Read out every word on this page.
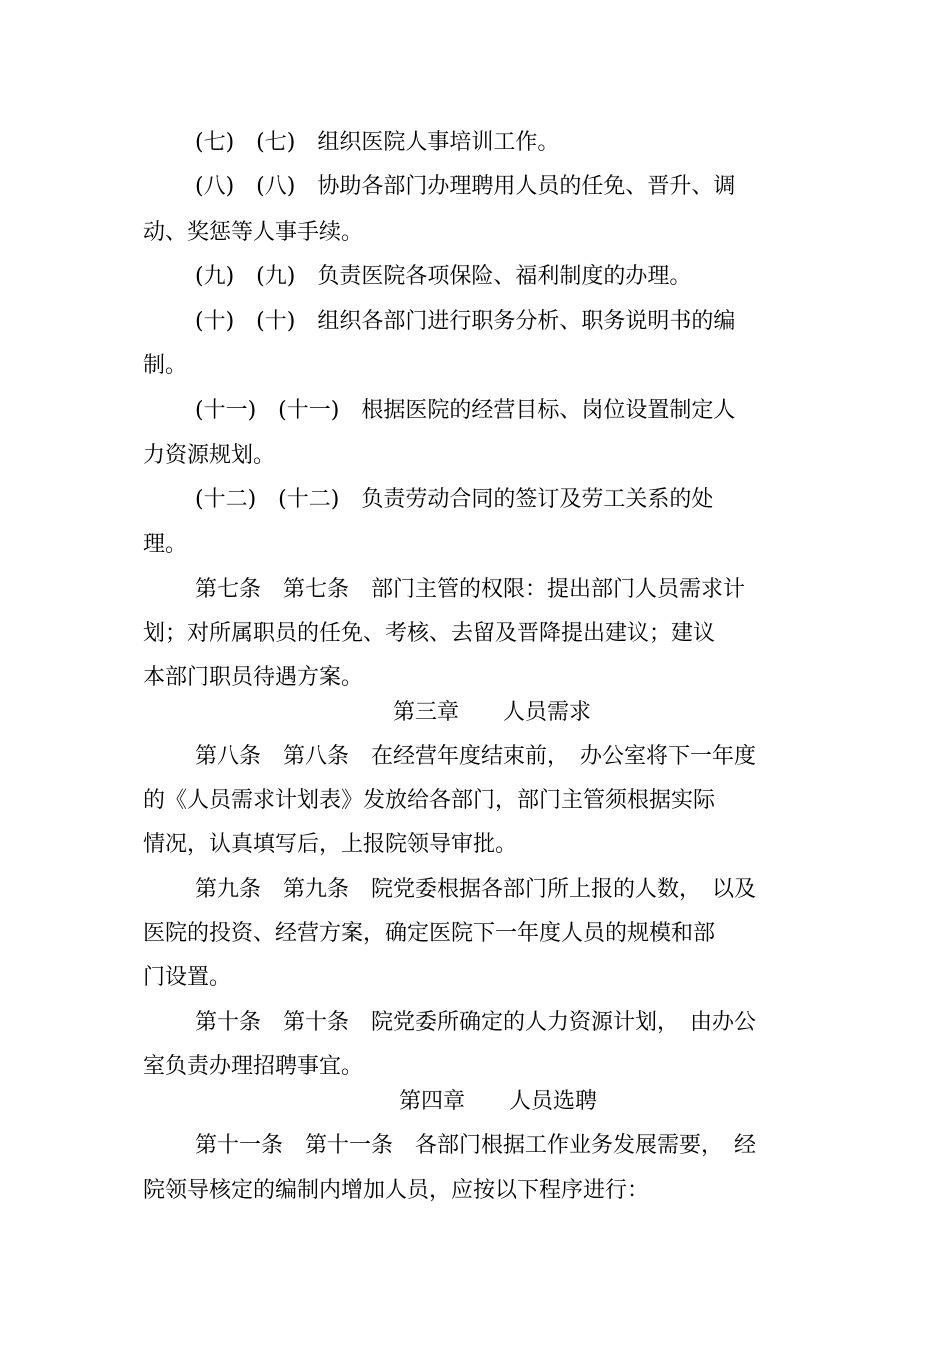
(七)　(七)　组织医院人事培训工作。
(八)　(八)　协助各部门办理聘用人员的任免、晋升、调
动、奖惩等人事手续。
(九)　(九)　负责医院各项保险、福利制度的办理。
(十)　(十)　组织各部门进行职务分析、职务说明书的编
制。
(十一)　(十一)　根据医院的经营目标、岗位设置制定人
力资源规划。
(十二)　(十二)　负责劳动合同的签订及劳工关系的处
理。
第七条　第七条　部门主管的权限：提出部门人员需求计
划；对所属职员的任免、考核、去留及晋降提出建议；建议
本部门职员待遇方案。
第三章　　人员需求
第八条　第八条　在经营年度结束前，　办公室将下一年度
的《人员需求计划表》发放给各部门，部门主管须根据实际
情况，认真填写后，上报院领导审批。
第九条　第九条　院党委根据各部门所上报的人数，　以及
医院的投资、经营方案，确定医院下一年度人员的规模和部
门设置。
第十条　第十条　院党委所确定的人力资源计划，　由办公
室负责办理招聘事宜。
第四章　　人员选聘
第十一条　第十一条　各部门根据工作业务发展需要，　经
院领导核定的编制内增加人员，应按以下程序进行：
